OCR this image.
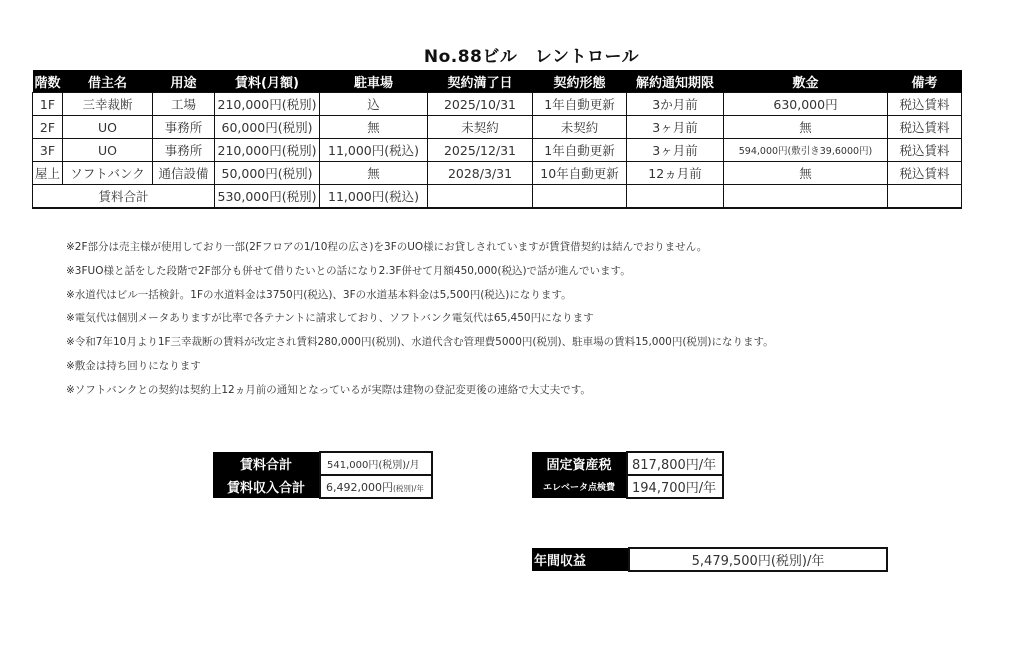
No.88ビル　レントロール
階数	借主名	用途	賃料(月額)	駐車場	契約満了日	契約形態	解約通知期限	敷金	備考
1F	三幸裁断	工場	210,000円(税別)	込	2025/10/31	1年自動更新	3か月前	630,000円	税込賃料
2F	UO	事務所	60,000円(税別)	無	未契約	未契約	3ヶ月前	無	税込賃料
3F	UO	事務所	210,000円(税別)	11,000円(税込)	2025/12/31	1年自動更新	3ヶ月前	594,000円(敷引き39,6000円)	税込賃料
屋上	ソフトバンク	通信設備	50,000円(税別)	無	2028/3/31	10年自動更新	12ヵ月前	無	税込賃料
賃料合計			530,000円(税別)	11,000円(税込)					
※2F部分は売主様が使用しており一部(2Fフロアの1/10程の広さ)を3FのUO様にお貸しされていますが賃貸借契約は結んでおりません。
※3FUO様と話をした段階で2F部分も併せて借りたいとの話になり2.3F併せて月額450,000(税込)で話が進んでいます。
※水道代はビル一括検針。1Fの水道料金は3750円(税込)、3Fの水道基本料金は5,500円(税込)になります。
※電気代は個別メータありますが比率で各テナントに請求しており、ソフトバンク電気代は65,450円になります
※令和7年10月より1F三幸裁断の賃料が改定され賃料280,000円(税別)、水道代含む管理費5000円(税別)、駐車場の賃料15,000円(税別)になります。
※敷金は持ち回りになります
※ソフトバンクとの契約は契約上12ヵ月前の通知となっているが実際は建物の登記変更後の連絡で大丈夫です。
賃料合計	541,000円(税別)/月
賃料収入合計	6,492,000円(税別)/年
固定資産税	817,800円/年
エレベータ点検費	194,700円/年
年間収益	5,479,500円(税別)/年
